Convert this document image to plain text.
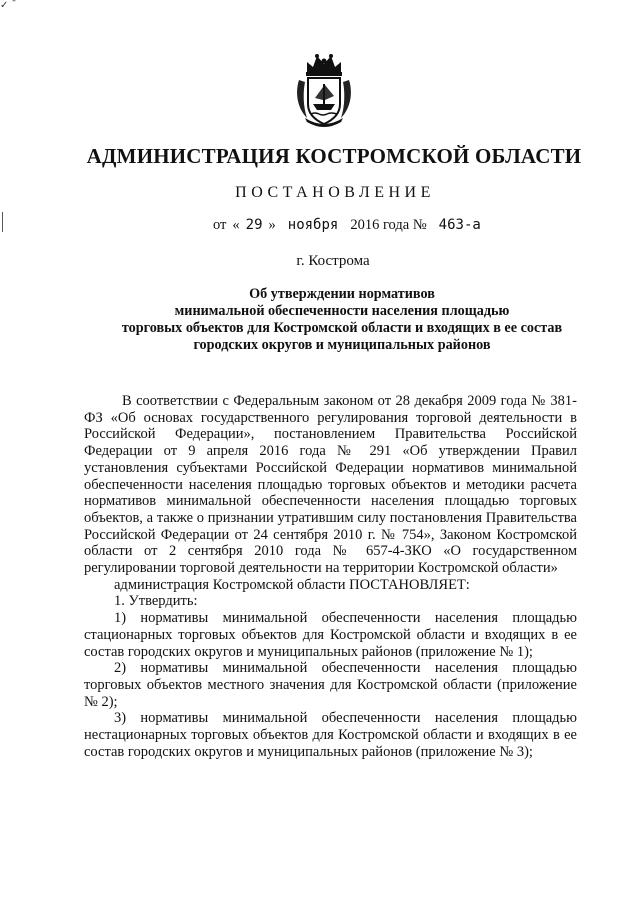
✓ ¯
АДМИНИСТРАЦИЯ КОСТРОМСКОЙ ОБЛАСТИ
ПОСТАНОВЛЕНИЕ
от « 29 » ноября 2016 года № 463-а
г. Кострома
Об утверждении нормативов
минимальной обеспеченности населения площадью
торговых объектов для Костромской области и входящих в ее состав
городских округов и муниципальных районов

В соответствии с Федеральным законом от 28 декабря 2009 года № 381-ФЗ «Об основах государственного регулирования торговой деятельности в Российской Федерации», постановлением Правительства Российской Федерации от 9 апреля 2016 года № 291 «Об утверждении Правил установления субъектами Российской Федерации нормативов минимальной обеспеченности населения площадью торговых объектов и методики расчета нормативов минимальной обеспеченности населения площадью торговых объектов, а также о признании утратившим силу постановления Правительства Российской Федерации от 24 сентября 2010 г. № 754», Законом Костромской области от 2 сентября 2010 года № 657-4-ЗКО «О государственном регулировании торговой деятельности на территории Костромской области»

администрация Костромской области ПОСТАНОВЛЯЕТ:

1. Утвердить:

1) нормативы минимальной обеспеченности населения площадью стационарных торговых объектов для Костромской области и входящих в ее состав городских округов и муниципальных районов (приложение № 1);

2) нормативы минимальной обеспеченности населения площадью торговых объектов местного значения для Костромской области (приложение № 2);

3) нормативы минимальной обеспеченности населения площадью нестационарных торговых объектов для Костромской области и входящих в ее состав городских округов и муниципальных районов (приложение № 3);
